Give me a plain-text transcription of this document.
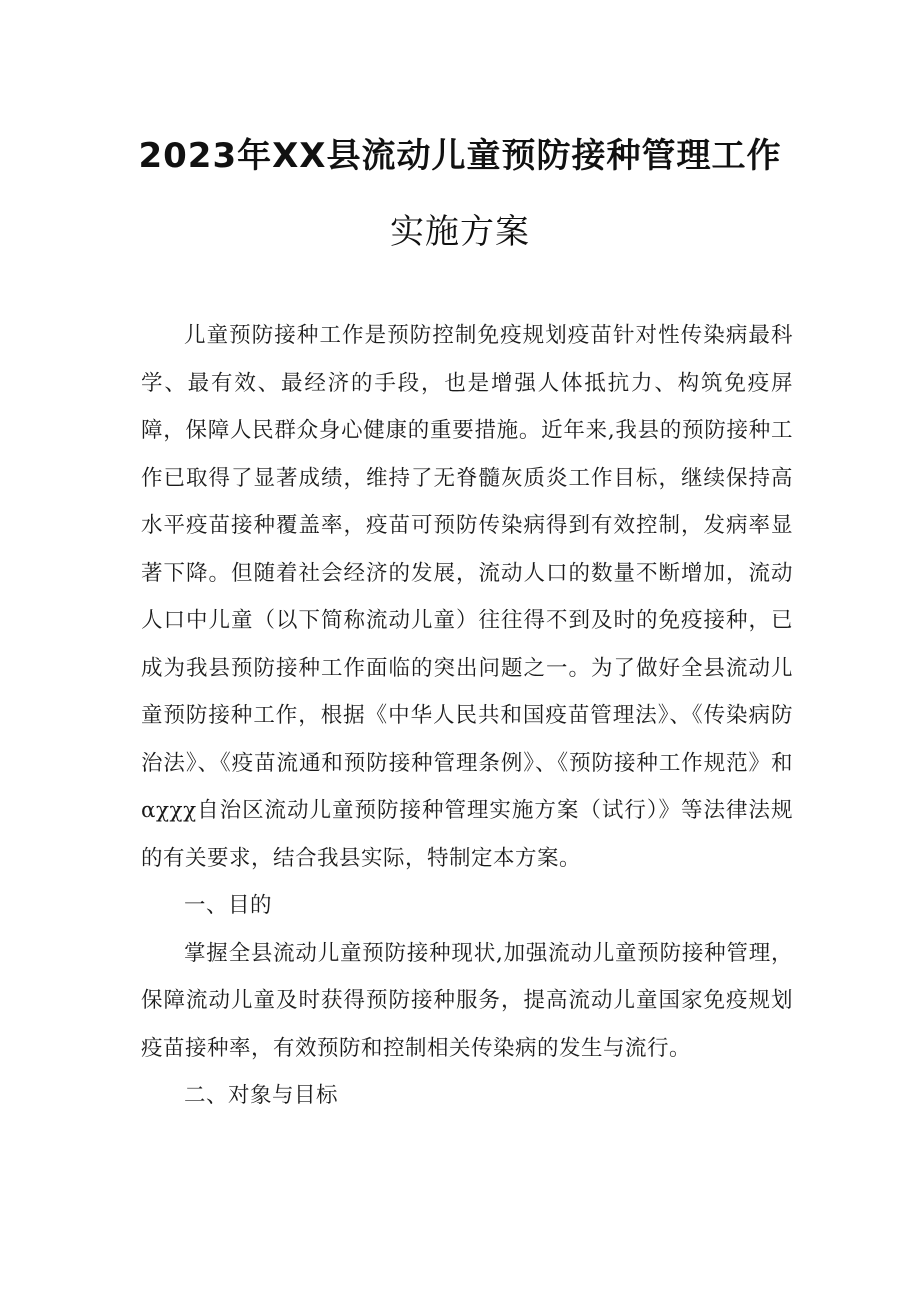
2023年XX县流动儿童预防接种管理工作
实施方案

儿童预防接种工作是预防控制免疫规划疫苗针对性传染病最科学、最有效、最经济的手段，也是增强人体抵抗力、构筑免疫屏障，保障人民群众身心健康的重要措施。近年来,我县的预防接种工作已取得了显著成绩，维持了无脊髓灰质炎工作目标，继续保持高水平疫苗接种覆盖率，疫苗可预防传染病得到有效控制，发病率显著下降。但随着社会经济的发展，流动人口的数量不断增加，流动人口中儿童（以下简称流动儿童）往往得不到及时的免疫接种，已成为我县预防接种工作面临的突出问题之一。为了做好全县流动儿童预防接种工作，根据《中华人民共和国疫苗管理法》、《传染病防治法》、《疫苗流通和预防接种管理条例》、《预防接种工作规范》和αχχχ自治区流动儿童预防接种管理实施方案（试行）》等法律法规的有关要求，结合我县实际，特制定本方案。

一、目的

掌握全县流动儿童预防接种现状,加强流动儿童预防接种管理，保障流动儿童及时获得预防接种服务，提高流动儿童国家免疫规划疫苗接种率，有效预防和控制相关传染病的发生与流行。

二、对象与目标
